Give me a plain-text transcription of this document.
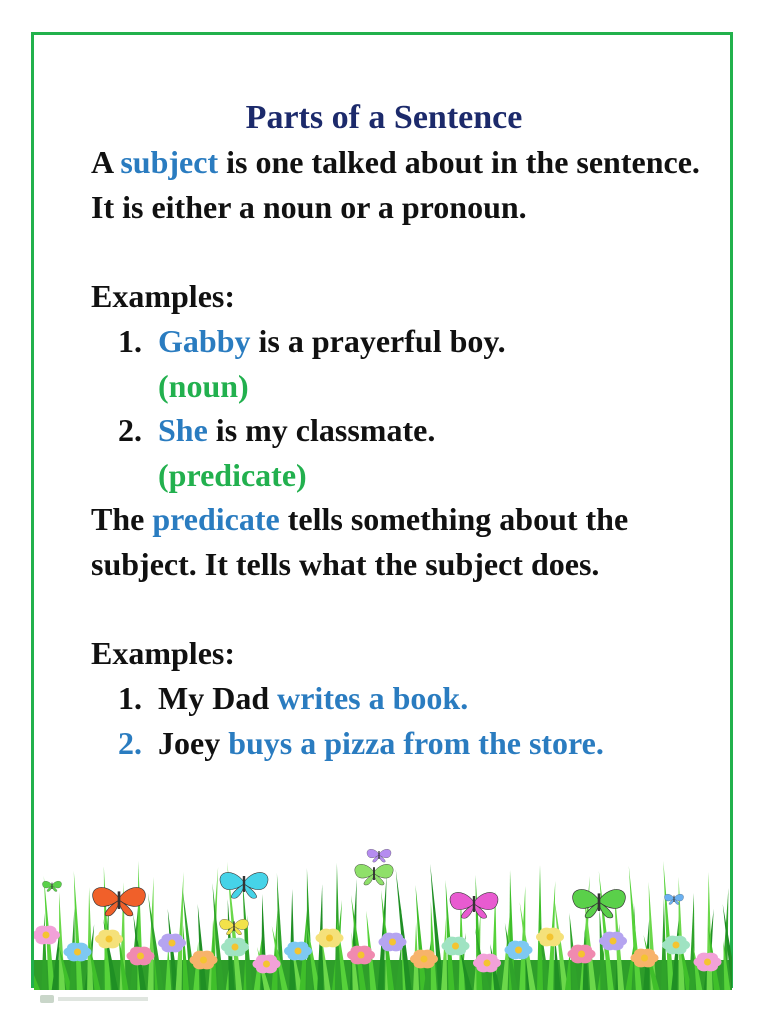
Parts of a Sentence

A subject is one talked about in the sentence. It is either a noun or a pronoun.

Examples:

1. Gabby is a prayerful boy.
(noun)
2. She is my classmate.
(predicate)

The predicate tells something about the subject. It tells what the subject does.

Examples:

1. My Dad writes a book.
2. Joey buys a pizza from the store.
